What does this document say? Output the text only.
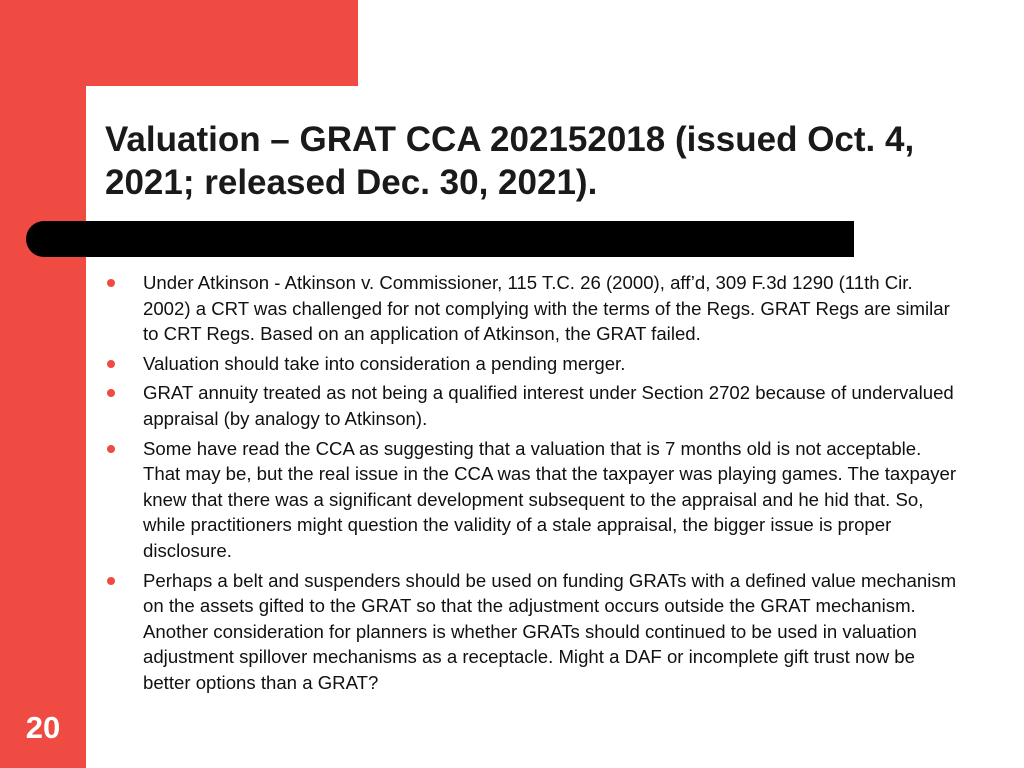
Valuation – GRAT CCA 202152018 (issued Oct. 4, 2021; released Dec. 30, 2021).
Under Atkinson - Atkinson v. Commissioner, 115 T.C. 26 (2000), aff’d, 309 F.3d 1290 (11th Cir. 2002) a CRT was challenged for not complying with the terms of the Regs. GRAT Regs are similar to CRT Regs. Based on an application of Atkinson, the GRAT failed.
Valuation should take into consideration a pending merger.
GRAT annuity treated as not being a qualified interest under Section 2702 because of undervalued appraisal (by analogy to Atkinson).
Some have read the CCA as suggesting that a valuation that is 7 months old is not acceptable. That may be, but the real issue in the CCA was that the taxpayer was playing games. The taxpayer knew that there was a significant development subsequent to the appraisal and he hid that. So, while practitioners might question the validity of a stale appraisal, the bigger issue is proper disclosure.
Perhaps a belt and suspenders should be used on funding GRATs with a defined value mechanism on the assets gifted to the GRAT so that the adjustment occurs outside the GRAT mechanism. Another consideration for planners is whether GRATs should continued to be used in valuation adjustment spillover mechanisms as a receptacle. Might a DAF or incomplete gift trust now be better options than a GRAT?
20
